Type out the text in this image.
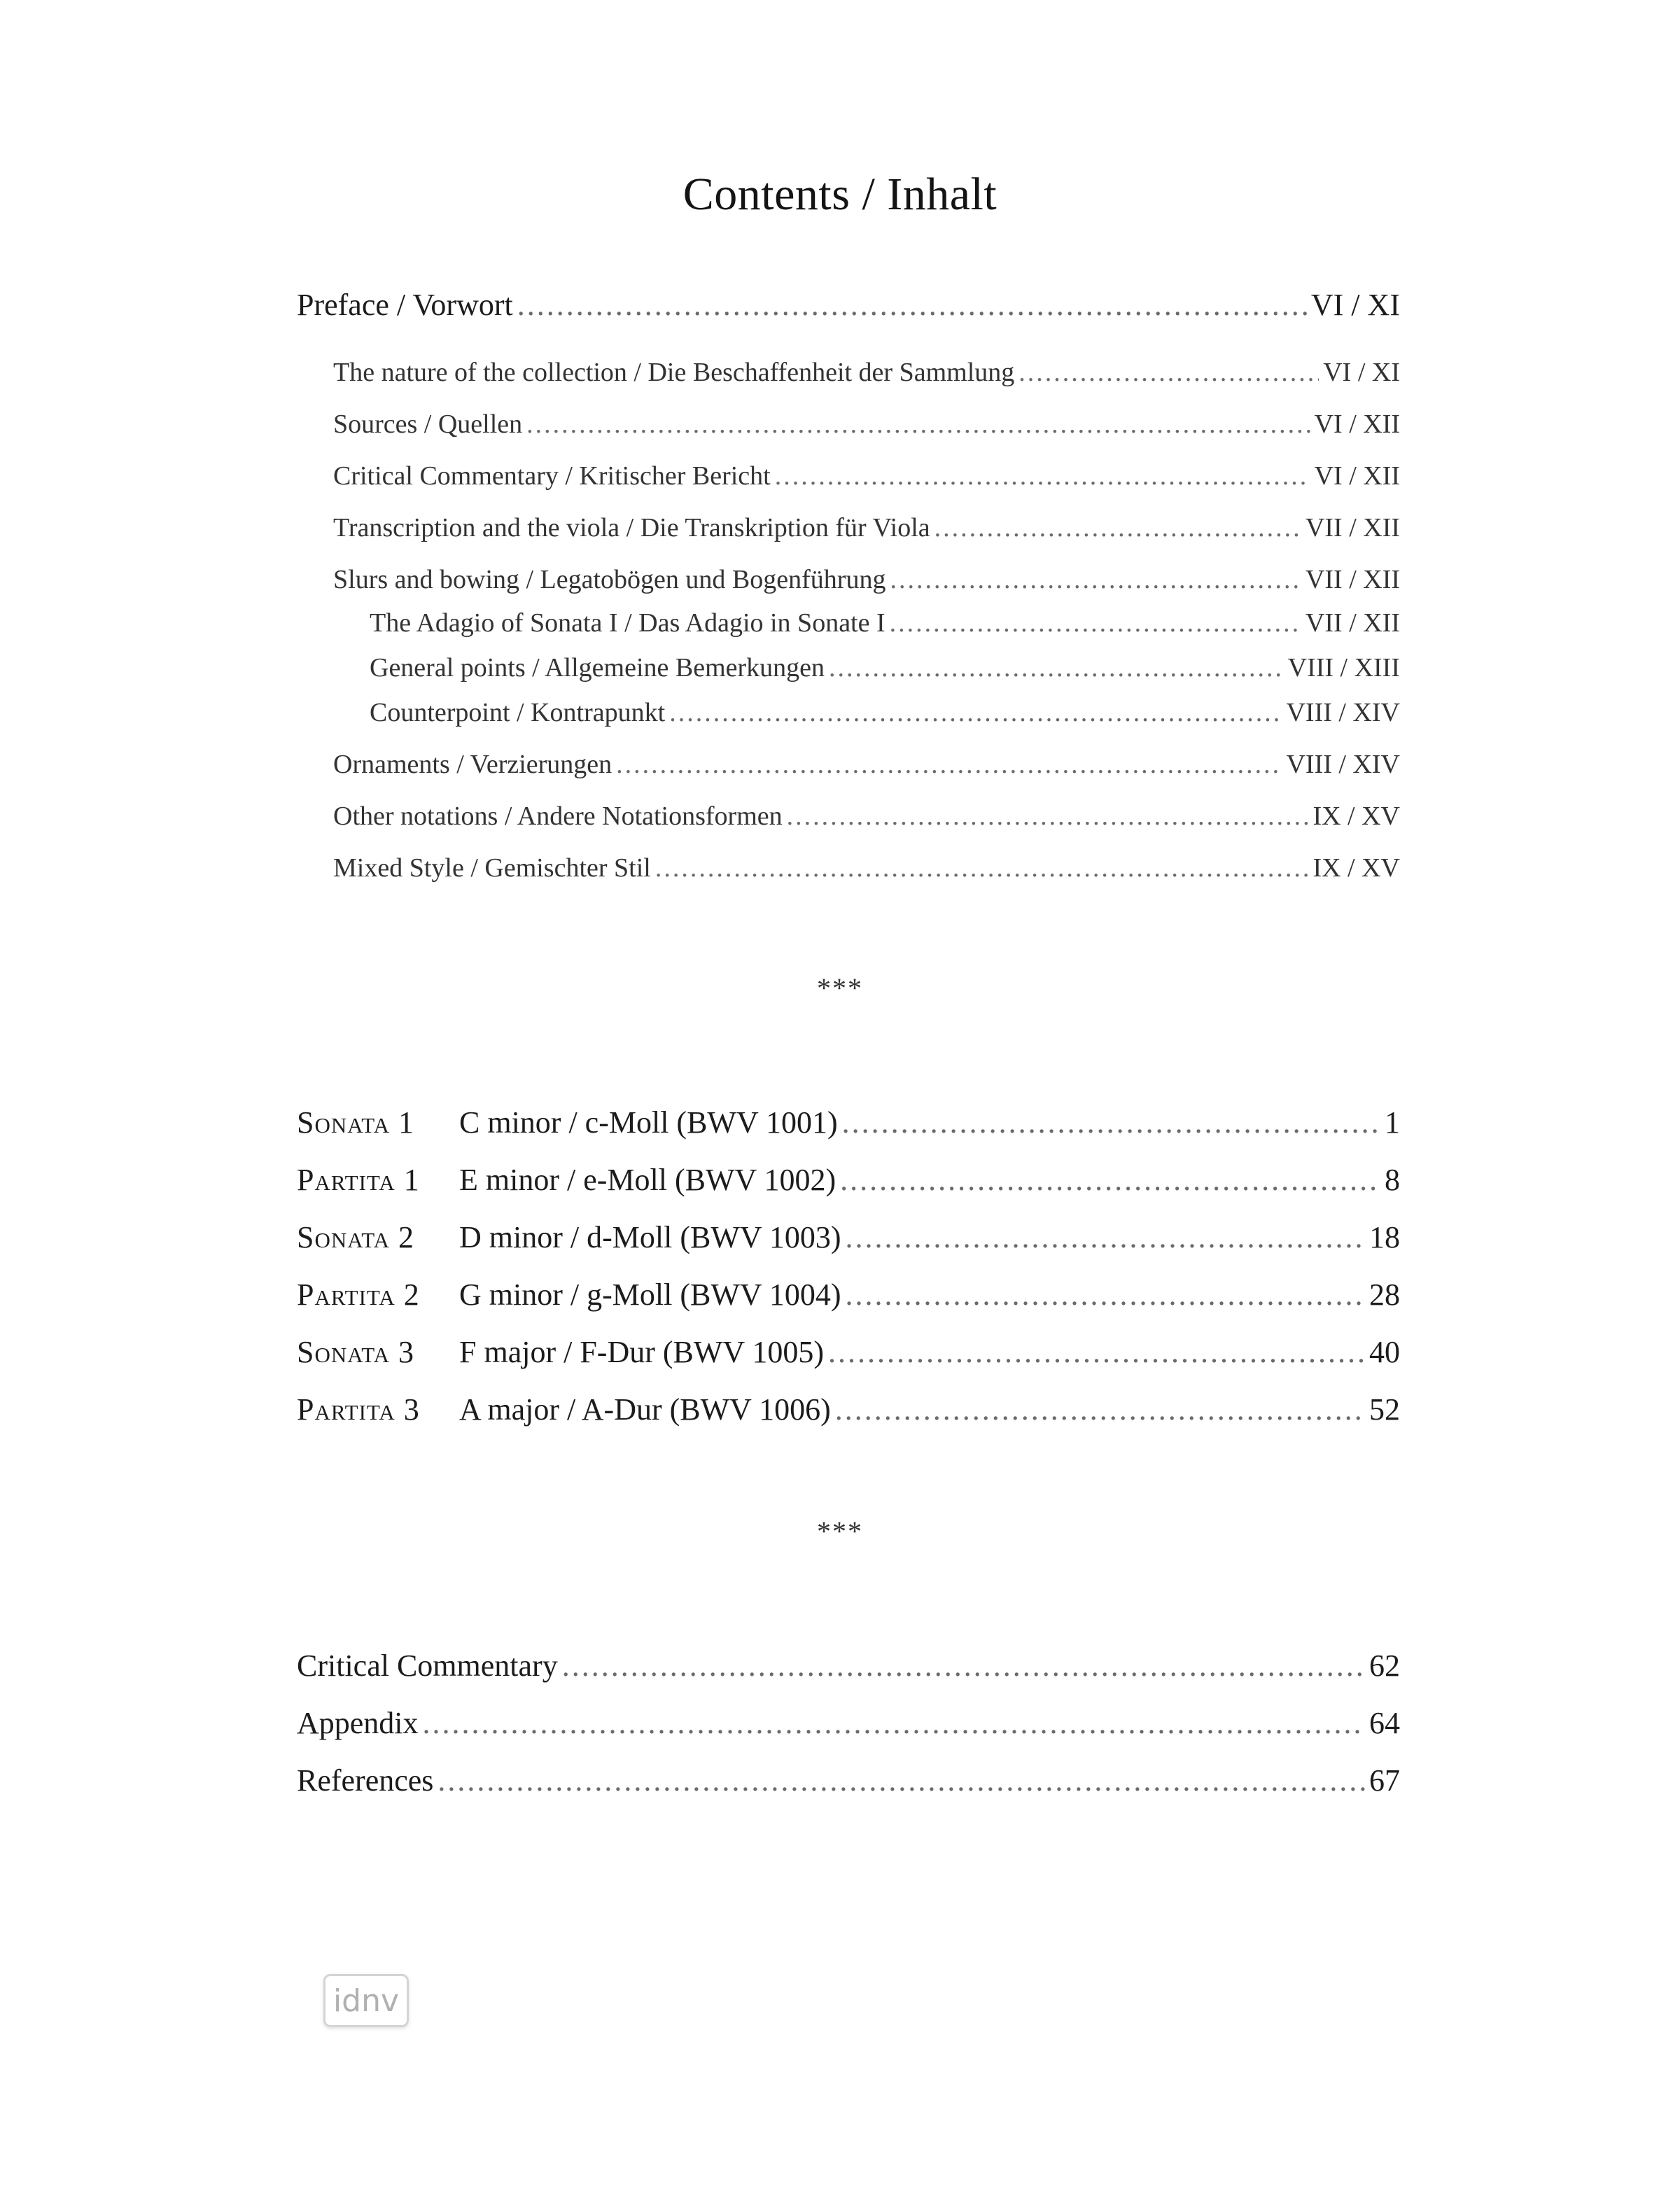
Contents / Inhalt
Preface / Vorwort .....	VI / XI
The nature of the collection / Die Beschaffenheit der Sammlung .....	VI / XI
Sources / Quellen .....	VI / XII
Critical Commentary / Kritischer Bericht .....	VI / XII
Transcription and the viola / Die Transkription für Viola .....	VII / XII
Slurs and bowing / Legatobögen und Bogenführung .....	VII / XII
The Adagio of Sonata I / Das Adagio in Sonate I .....	VII / XII
General points / Allgemeine Bemerkungen .....	VIII / XIII
Counterpoint / Kontrapunkt .....	VIII / XIV
Ornaments / Verzierungen .....	VIII / XIV
Other notations / Andere Notationsformen .....	IX / XV
Mixed Style / Gemischter Stil .....	IX / XV
***
Sonata 1 C minor / c-Moll (BWV 1001) .....	1
Partita 1 E minor / e-Moll (BWV 1002) .....	8
Sonata 2 D minor / d-Moll (BWV 1003) .....	18
Partita 2 G minor / g-Moll (BWV 1004) .....	28
Sonata 3 F major / F-Dur (BWV 1005) .....	40
Partita 3 A major / A-Dur (BWV 1006) .....	52
***
Critical Commentary .....	62
Appendix .....	64
References .....	67
idnv
